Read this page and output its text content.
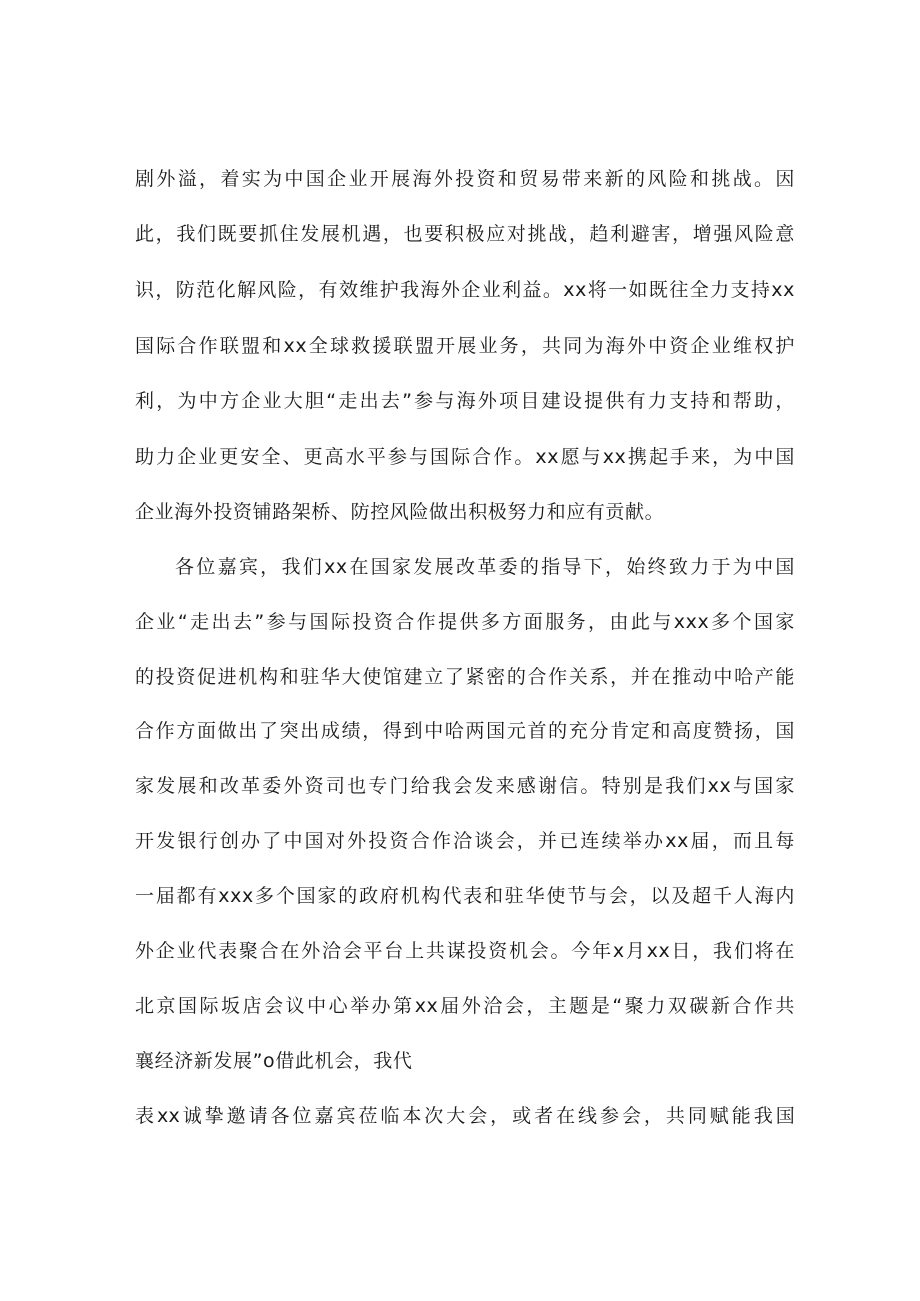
剧外溢，着实为中国企业开展海外投资和贸易带来新的风险和挑战。因
此，我们既要抓住发展机遇，也要积极应对挑战，趋利避害，增强风险意
识，防范化解风险，有效维护我海外企业利益。xx将一如既往全力支持xx
国际合作联盟和xx全球救援联盟开展业务，共同为海外中资企业维权护
利，为中方企业大胆“走出去”参与海外项目建设提供有力支持和帮助，
助力企业更安全、更高水平参与国际合作。xx愿与xx携起手来，为中国
企业海外投资铺路架桥、防控风险做出积极努力和应有贡献。
各位嘉宾，我们xx在国家发展改革委的指导下，始终致力于为中国
企业“走出去”参与国际投资合作提供多方面服务，由此与xxx多个国家
的投资促进机构和驻华大使馆建立了紧密的合作关系，并在推动中哈产能
合作方面做出了突出成绩，得到中哈两国元首的充分肯定和高度赞扬，国
家发展和改革委外资司也专门给我会发来感谢信。特别是我们xx与国家
开发银行创办了中国对外投资合作洽谈会，并已连续举办xx届，而且每
一届都有xxx多个国家的政府机构代表和驻华使节与会，以及超千人海内
外企业代表聚合在外洽会平台上共谋投资机会。今年x月xx日，我们将在
北京国际坂店会议中心举办第xx届外洽会，主题是“聚力双碳新合作共
襄经济新发展”o借此机会，我代
表xx诚挚邀请各位嘉宾莅临本次大会，或者在线参会，共同赋能我国
